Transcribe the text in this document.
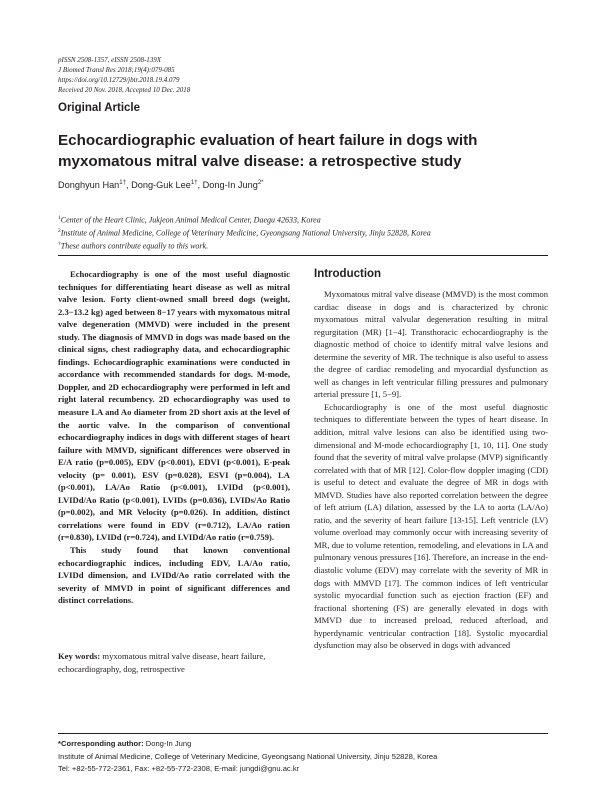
pISSN 2508-1357, eISSN 2508-139X
J Biomed Transl Res 2018;19(4):079-085
https://doi.org/10.12729/jbtr.2018.19.4.079
Received 20 Nov. 2018, Accepted 10 Dec. 2018
Original Article
Echocardiographic evaluation of heart failure in dogs with myxomatous mitral valve disease: a retrospective study
Donghyun Han$^{1\dagger}$, Dong-Guk Lee$^{1\dagger}$, Dong-In Jung$^{2*}$
$^1$Center of the Heart Clinic, Jukjeon Animal Medical Center, Daegu 42633, Korea
$^2$Institute of Animal Medicine, College of Veterinary Medicine, Gyeongsang National University, Jinju 52828, Korea
†These authors contribute equally to this work.

Echocardiography is one of the most useful diagnostic techniques for differentiating heart disease as well as mitral valve lesion. Forty client-owned small breed dogs (weight, 2.3−13.2 kg) aged between 8−17 years with myxomatous mitral valve degeneration (MMVD) were included in the present study. The diagnosis of MMVD in dogs was made based on the clinical signs, chest radiography data, and echocardiographic findings. Echocardiographic examinations were conducted in accordance with recommended standards for dogs. M-mode, Doppler, and 2D echocardiography were performed in left and right lateral recumbency. 2D echocardiography was used to measure LA and Ao diameter from 2D short axis at the level of the aortic valve. In the comparison of conventional echocardiography indices in dogs with different stages of heart failure with MMVD, significant differences were observed in E/A ratio (p=0.005), EDV (p<0.001), EDVI (p<0.001), E-peak velocity (p= 0.001), ESV (p=0.028), ESVI (p=0.004), LA (p<0.001), LA/Ao Ratio (p<0.001), LVIDd (p<0.001), LVIDd/Ao Ratio (p<0.001), LVIDs (p=0.036), LVIDs/Ao Ratio (p=0.002), and MR Velocity (p=0.026). In addition, distinct correlations were found in EDV (r=0.712), LA/Ao ration (r=0.830), LVIDd (r=0.724), and LVIDd/Ao ratio (r=0.759).

This study found that known conventional echocardiographic indices, including EDV, LA/Ao ratio, LVIDd dimension, and LVIDd/Ao ratio correlated with the severity of MMVD in point of significant differences and distinct correlations.

Key words: myxomatous mitral valve disease, heart failure, echocardiography, dog, retrospective
Introduction

Myxomatous mitral valve disease (MMVD) is the most common cardiac disease in dogs and is characterized by chronic myxomatous mitral valvular degeneration resulting in mitral regurgitation (MR) [1−4]. Transthoracic echocardiography is the diagnostic method of choice to identify mitral valve lesions and determine the severity of MR. The technique is also useful to assess the degree of cardiac remodeling and myocardial dysfunction as well as changes in left ventricular filling pressures and pulmonary arterial pressure [1, 5−9].

Echocardiography is one of the most useful diagnostic techniques to differentiate between the types of heart disease. In addition, mitral valve lesions can also be identified using two-dimensional and M-mode echocardiography [1, 10, 11]. One study found that the severity of mitral valve prolapse (MVP) significantly correlated with that of MR [12]. Color-flow doppler imaging (CDI) is useful to detect and evaluate the degree of MR in dogs with MMVD. Studies have also reported correlation between the degree of left atrium (LA) dilation, assessed by the LA to aorta (LA/Ao) ratio, and the severity of heart failure [13-15]. Left ventricle (LV) volume overload may commonly occur with increasing severity of MR, due to volume retention, remodeling, and elevations in LA and pulmonary venous pressures [16]. Therefore, an increase in the end-diastolic volume (EDV) may correlate with the severity of MR in dogs with MMVD [17]. The common indices of left ventricular systolic myocardial function such as ejection fraction (EF) and fractional shortening (FS) are generally elevated in dogs with MMVD due to increased preload, reduced afterload, and hyperdynamic ventricular contraction [18]. Systolic myocardial dysfunction may also be observed in dogs with advanced

*Corresponding author: Dong-In Jung
Institute of Animal Medicine, College of Veterinary Medicine, Gyeongsang National University, Jinju 52828, Korea
Tel: +82-55-772-2361, Fax: +82-55-772-2308, E-mail: jungdi@gnu.ac.kr
